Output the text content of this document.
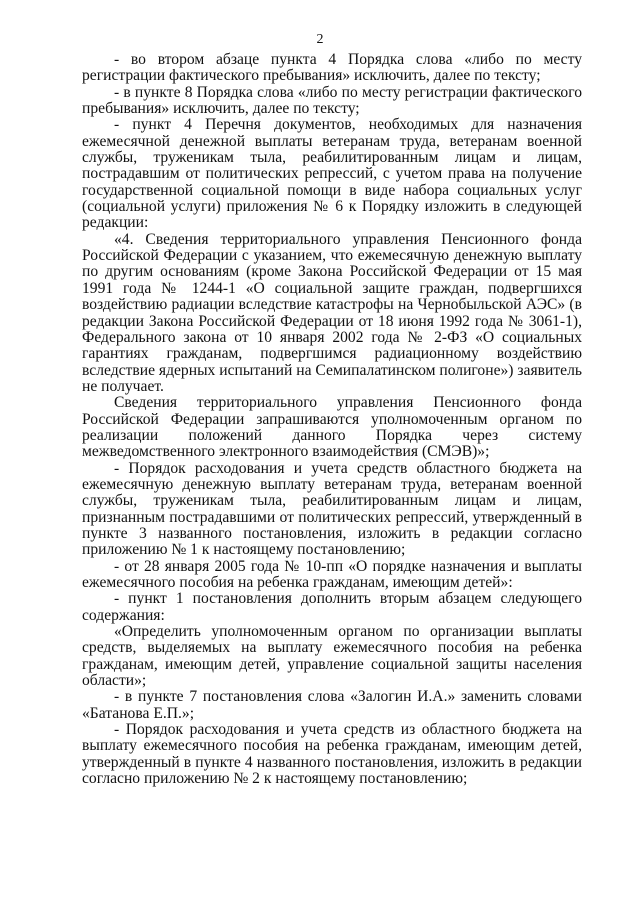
2

- во втором абзаце пункта 4 Порядка слова «либо по месту регистрации фактического пребывания» исключить, далее по тексту;

- в пункте 8 Порядка слова «либо по месту регистрации фактического пребывания» исключить, далее по тексту;

- пункт 4 Перечня документов, необходимых для назначения ежемесячной денежной выплаты ветеранам труда, ветеранам военной службы, труженикам тыла, реабилитированным лицам и лицам, пострадавшим от политических репрессий, с учетом права на получение государственной социальной помощи в виде набора социальных услуг (социальной услуги) приложения № 6 к Порядку изложить в следующей редакции:

«4. Сведения территориального управления Пенсионного фонда Российской Федерации с указанием, что ежемесячную денежную выплату по другим основаниям (кроме Закона Российской Федерации от 15 мая 1991 года № 1244-1 «О социальной защите граждан, подвергшихся воздействию радиации вследствие катастрофы на Чернобыльской АЭС» (в редакции Закона Российской Федерации от 18 июня 1992 года № 3061-1), Федерального закона от 10 января 2002 года № 2-ФЗ «О социальных гарантиях гражданам, подвергшимся радиационному воздействию вследствие ядерных испытаний на Семипалатинском полигоне») заявитель не получает.

Сведения территориального управления Пенсионного фонда Российской Федерации запрашиваются уполномоченным органом по реализации положений данного Порядка через систему межведомственного электронного взаимодействия (СМЭВ)»;

- Порядок расходования и учета средств областного бюджета на ежемесячную денежную выплату ветеранам труда, ветеранам военной службы, труженикам тыла, реабилитированным лицам и лицам, признанным пострадавшими от политических репрессий, утвержденный в пункте 3 названного постановления, изложить в редакции согласно приложению № 1 к настоящему постановлению;

- от 28 января 2005 года № 10-пп «О порядке назначения и выплаты ежемесячного пособия на ребенка гражданам, имеющим детей»:

- пункт 1 постановления дополнить вторым абзацем следующего содержания:

«Определить уполномоченным органом по организации выплаты средств, выделяемых на выплату ежемесячного пособия на ребенка гражданам, имеющим детей, управление социальной защиты населения области»;

- в пункте 7 постановления слова «Залогин И.А.» заменить словами «Батанова Е.П.»;

- Порядок расходования и учета средств из областного бюджета на выплату ежемесячного пособия на ребенка гражданам, имеющим детей, утвержденный в пункте 4 названного постановления, изложить в редакции согласно приложению № 2 к настоящему постановлению;
